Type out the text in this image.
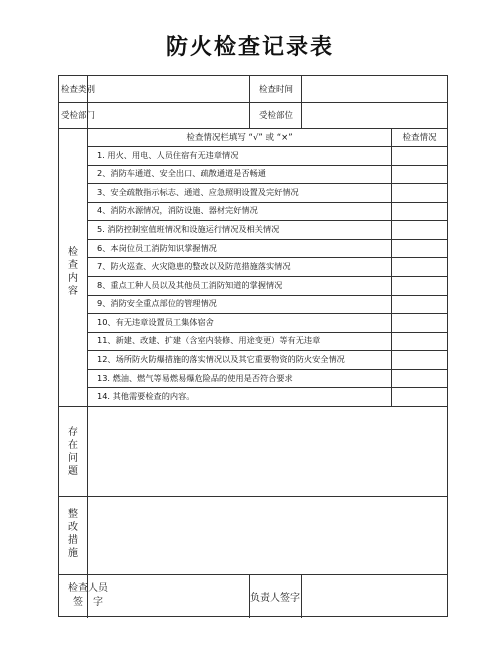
防火检查记录表
检查类别	检查时间
受检部门	受检部位
检查内容
检查情况栏填写 “√” 或 “×”	检查情况
1. 用火、用电、人员住宿有无违章情况
2、消防车通道、安全出口、疏散通道是否畅通
3、安全疏散指示标志、通道、应急照明设置及完好情况
4、消防水源情况，消防设施、器材完好情况
5. 消防控制室值班情况和设施运行情况及相关情况
6、本岗位员工消防知识掌握情况
7、防火巡查、火灾隐患的整改以及防范措施落实情况
8、重点工种人员以及其他员工消防知道的掌握情况
9、消防安全重点部位的管理情况
10、有无违章设置员工集体宿舍
11、新建、改建、扩建（含室内装修、用途变更）等有无违章
12、场所防火防爆措施的落实情况以及其它重要物资的防火安全情况
13. 燃油、燃气等易燃易爆危险品的使用是否符合要求
14. 其他需要检查的内容。
存在问题
整改措施
检查人员
签　字	负责人签字
